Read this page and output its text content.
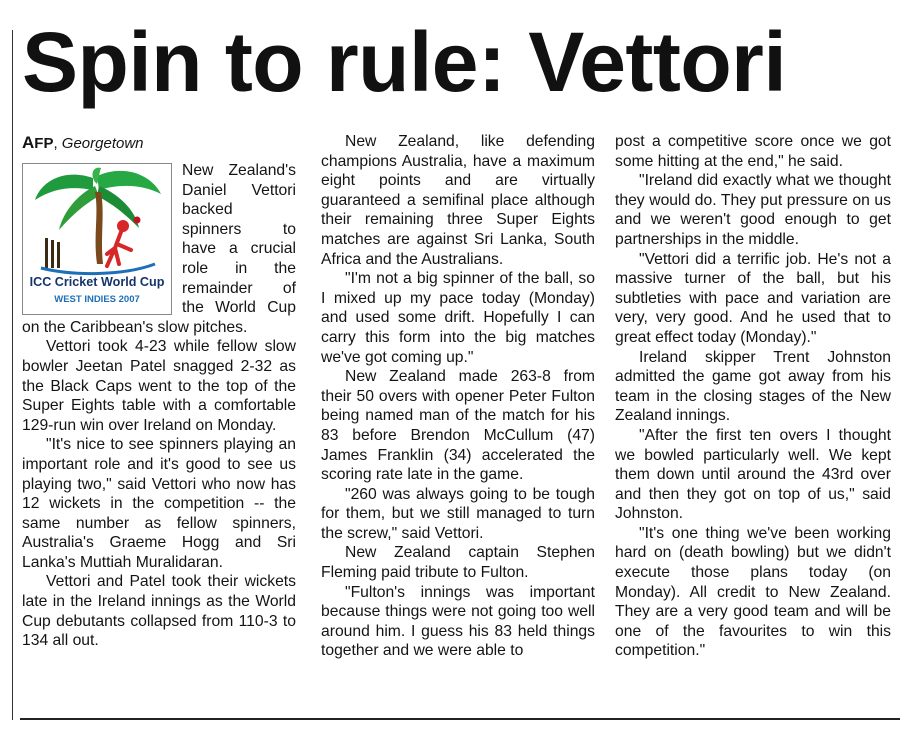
Spin to rule: Vettori
AFP, Georgetown
ICC Cricket World Cup
WEST INDIES 2007

New Zealand's Daniel Vettori backed spinners to have a crucial role in the remainder of the World Cup on the Caribbean's slow pitches.

Vettori took 4-23 while fellow slow bowler Jeetan Patel snagged 2-32 as the Black Caps went to the top of the Super Eights table with a comfortable 129-run win over Ireland on Monday.

"It's nice to see spinners playing an important role and it's good to see us playing two," said Vettori who now has 12 wickets in the competition -- the same number as fellow spinners, Australia's Graeme Hogg and Sri Lanka's Muttiah Muralidaran.

Vettori and Patel took their wickets late in the Ireland innings as the World Cup debutants collapsed from 110-3 to 134 all out.

New Zealand, like defending champions Australia, have a maximum eight points and are virtually guaranteed a semifinal place although their remaining three Super Eights matches are against Sri Lanka, South Africa and the Australians.

"I'm not a big spinner of the ball, so I mixed up my pace today (Monday) and used some drift. Hopefully I can carry this form into the big matches we've got coming up."

New Zealand made 263-8 from their 50 overs with opener Peter Fulton being named man of the match for his 83 before Brendon McCullum (47) James Franklin (34) accelerated the scoring rate late in the game.

"260 was always going to be tough for them, but we still managed to turn the screw," said Vettori.

New Zealand captain Stephen Fleming paid tribute to Fulton.

"Fulton's innings was important because things were not going too well around him. I guess his 83 held things together and we were able to

post a competitive score once we got some hitting at the end," he said.

"Ireland did exactly what we thought they would do. They put pressure on us and we weren't good enough to get partnerships in the middle.

"Vettori did a terrific job. He's not a massive turner of the ball, but his subtleties with pace and variation are very, very good. And he used that to great effect today (Monday)."

Ireland skipper Trent Johnston admitted the game got away from his team in the closing stages of the New Zealand innings.

"After the first ten overs I thought we bowled particularly well. We kept them down until around the 43rd over and then they got on top of us," said Johnston.

"It's one thing we've been working hard on (death bowling) but we didn't execute those plans today (on Monday). All credit to New Zealand. They are a very good team and will be one of the favourites to win this competition."
